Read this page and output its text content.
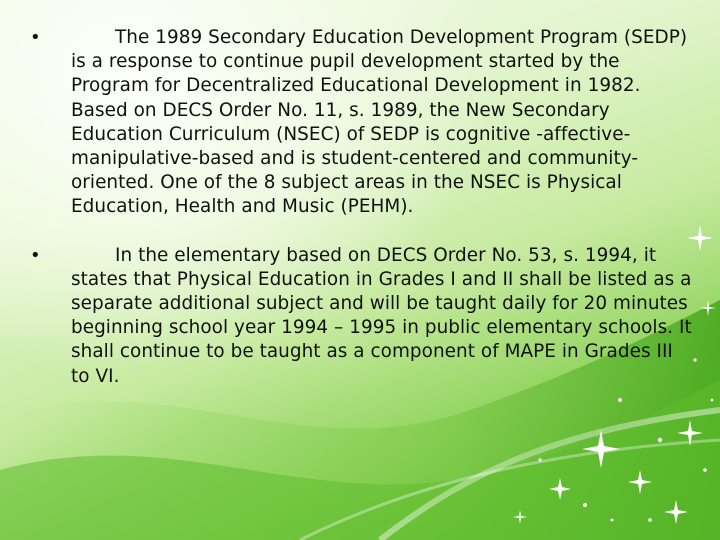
•	The 1989 Secondary Education Development Program (SEDP) is a response to continue pupil development started by the Program for Decentralized Educational Development in 1982. Based on DECS Order No. 11, s. 1989, the New Secondary Education Curriculum (NSEC) of SEDP is cognitive -affective-manipulative-based and is student-centered and community-oriented. One of the 8 subject areas in the NSEC is Physical Education, Health and Music (PEHM).
•	In the elementary based on DECS Order No. 53, s. 1994, it states that Physical Education in Grades I and II shall be listed as a separate additional subject and will be taught daily for 20 minutes beginning school year 1994 – 1995 in public elementary schools. It shall continue to be taught as a component of MAPE in Grades III to VI.
